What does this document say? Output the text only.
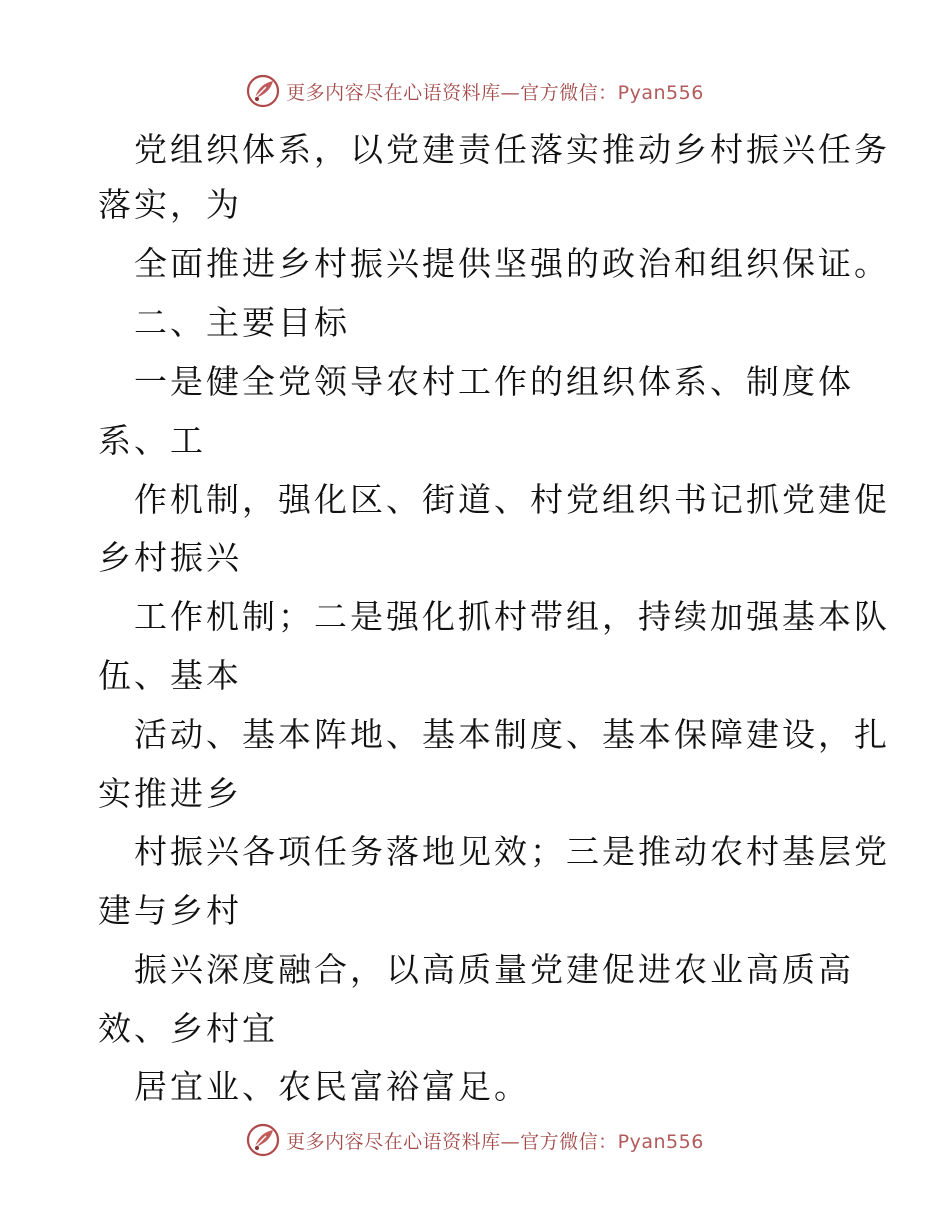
更多内容尽在心语资料库—官方微信：Pyan556
党组织体系，以党建责任落实推动乡村振兴任务
落实，为
全面推进乡村振兴提供坚强的政治和组织保证。
二、主要目标
一是健全党领导农村工作的组织体系、制度体
系、工
作机制，强化区、街道、村党组织书记抓党建促
乡村振兴
工作机制；二是强化抓村带组，持续加强基本队
伍、基本
活动、基本阵地、基本制度、基本保障建设，扎
实推进乡
村振兴各项任务落地见效；三是推动农村基层党
建与乡村
振兴深度融合，以高质量党建促进农业高质高
效、乡村宜
居宜业、农民富裕富足。
更多内容尽在心语资料库—官方微信：Pyan556
